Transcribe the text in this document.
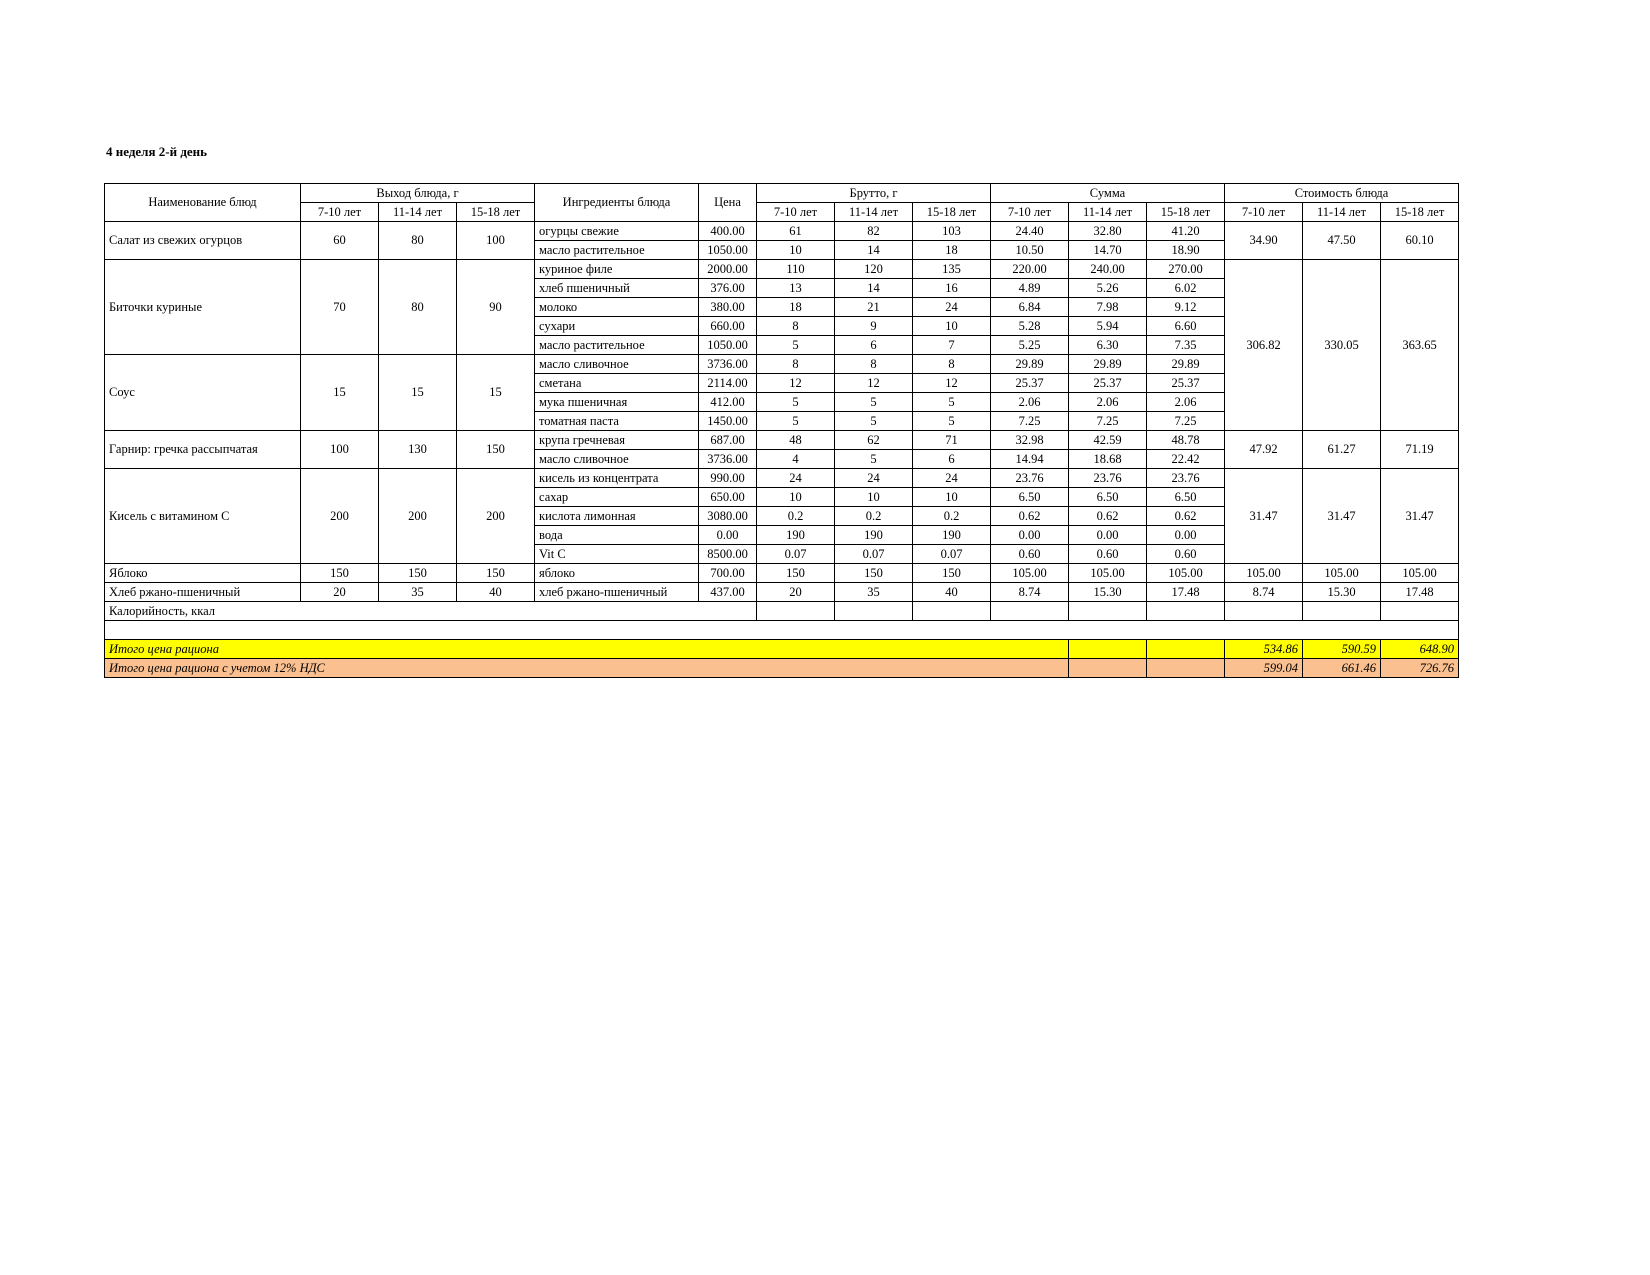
4 неделя 2-й день
Наименование блюд	Выход блюда, г			Ингредиенты блюда	Цена	Брутто, г			Сумма			Стоимость блюда		
	7-10 лет	11-14 лет	15-18 лет			7-10 лет	11-14 лет	15-18 лет	7-10 лет	11-14 лет	15-18 лет	7-10 лет	11-14 лет	15-18 лет
Салат из свежих огурцов	60	80	100	огурцы свежие	400.00	61	82	103	24.40	32.80	41.20	34.90	47.50	60.10
				масло растительное	1050.00	10	14	18	10.50	14.70	18.90			
Биточки куриные	70	80	90	куриное филе	2000.00	110	120	135	220.00	240.00	270.00	306.82	330.05	363.65
				хлеб пшеничный	376.00	13	14	16	4.89	5.26	6.02			
				молоко	380.00	18	21	24	6.84	7.98	9.12			
				сухари	660.00	8	9	10	5.28	5.94	6.60			
				масло растительное	1050.00	5	6	7	5.25	6.30	7.35			
Соус	15	15	15	масло сливочное	3736.00	8	8	8	29.89	29.89	29.89			
				сметана	2114.00	12	12	12	25.37	25.37	25.37			
				мука пшеничная	412.00	5	5	5	2.06	2.06	2.06			
				томатная паста	1450.00	5	5	5	7.25	7.25	7.25			
Гарнир: гречка рассыпчатая	100	130	150	крупа гречневая	687.00	48	62	71	32.98	42.59	48.78	47.92	61.27	71.19
				масло сливочное	3736.00	4	5	6	14.94	18.68	22.42			
Кисель с витамином С	200	200	200	кисель из концентрата	990.00	24	24	24	23.76	23.76	23.76	31.47	31.47	31.47
				сахар	650.00	10	10	10	6.50	6.50	6.50			
				кислота лимонная	3080.00	0.2	0.2	0.2	0.62	0.62	0.62			
				вода	0.00	190	190	190	0.00	0.00	0.00			
				Vit C	8500.00	0.07	0.07	0.07	0.60	0.60	0.60			
Яблоко	150	150	150	яблоко	700.00	150	150	150	105.00	105.00	105.00	105.00	105.00	105.00
Хлеб ржано-пшеничный	20	35	40	хлеб ржано-пшеничный	437.00	20	35	40	8.74	15.30	17.48	8.74	15.30	17.48
Калорийность, ккал														

Итого цена рациона												534.86	590.59	648.90
Итого цена рациона с учетом 12% НДС												599.04	661.46	726.76
